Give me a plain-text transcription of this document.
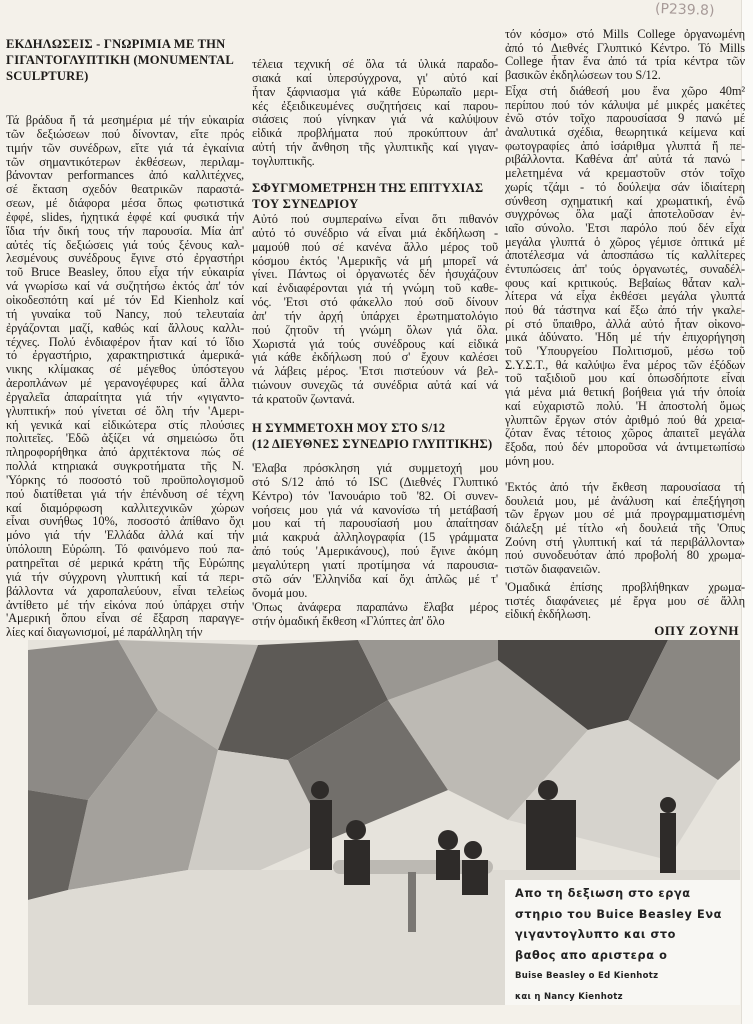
(P239.8)
ΕΚΔΗΛΩΣΕΙΣ - ΓΝΩΡΙΜΙΑ ΜΕ ΤΗΝ
ΓΙΓΑΝΤΟΓΛΥΠΤΙΚΗ (MONUMENTAL
SCULPTURE)
Τά βράδυα ἤ τά μεσημέρια μέ τήν εὐκαιρία
τῶν δεξιώσεων πού δίνονταν, εἴτε πρός
τιμήν τῶν συνέδρων, εἴτε γιά τά ἐγκαίνια
τῶν σημαντικότερων ἐκθέσεων, περιλαμ-
βάνονταν performances ἀπό καλλιτέχνες,
σέ ἔκταση σχεδόν θεατρικῶν παραστά-
σεων, μέ διάφορα μέσα ὅπως φωτιστικά
ἐφφέ, slides, ἠχητικά ἐφφέ καί φυσικά τήν
ἴδια τήν δική τους τήν παρουσία. Μία ἀπ'
αὐτές τίς δεξιώσεις γιά τούς ξένους καλ-
λεσμένους συνέδρους ἔγινε στό ἐργαστήρι
τοῦ Bruce Beasley, ὅπου εἶχα τήν εὐκαιρία
νά γνωρίσω καί νά συζητήσω ἐκτός ἀπ' τόν
οἰκοδεσπότη καί μέ τόν Ed Kienholz καί
τή γυναίκα τοῦ Nancy, πού τελευταία
ἐργάζονται μαζί, καθώς καί ἄλλους καλλι-
τέχνες. Πολύ ἐνδιαφέρον ἦταν καί τό ἴδιο
τό ἐργαστήριο, χαρακτηριστικά ἀμερικά-
νικης κλίμακας σέ μέγεθος ὑπόστεγου
ἀεροπλάνων μέ γερανογέφυρες καί ἄλλα
ἐργαλεῖα ἀπαραίτητα γιά τήν «γιγαντο-
γλυπτική» πού γίνεται σέ ὅλη τήν 'Αμερι-
κή γενικά καί εἰδικώτερα στίς πλούσιες
πολιτεῖες. 'Εδῶ ἀξίζει νά σημειώσω ὅτι
πληροφορήθηκα ἀπό ἀρχιτέκτονα πώς σέ
πολλά κτηριακά συγκροτήματα τῆς Ν.
'Υόρκης τό ποσοστό τοῦ προϋπολογισμοῦ
πού διατίθεται γιά τήν ἐπένδυση σέ τέχνη
καί διαμόρφωση καλλιτεχνικῶν χώρων
εἶναι συνήθως 10%, ποσοστό ἀπίθανο ὄχι
μόνο γιά τήν 'Ελλάδα ἀλλά καί τήν
ὑπόλοιπη Εὐρώπη. Τό φαινόμενο πού πα-
ρατηρεῖται σέ μερικά κράτη τῆς Εὐρώπης
γιά τήν σύγχρονη γλυπτική καί τά περι-
βάλλοντα νά χαροπαλεύουν, εἶναι τελείως
ἀντίθετο μέ τήν εἰκόνα πού ὑπάρχει στήν
'Αμερική ὅπου εἶναι σέ ἔξαρση παραγγε-
λίες καί διαγωνισμοί, μέ παράλληλη τήν
τέλεια τεχνική σέ ὅλα τά ὑλικά παραδο-
σιακά καί ὑπερσύγχρονα, γι' αὐτό καί
ἦταν ξάφνιασμα γιά κάθε Εὐρωπαῖο μερι-
κές ἐξειδικευμένες συζητήσεις καί παρου-
σιάσεις πού γίνηκαν γιά νά καλύψουν
εἰδικά προβλήματα πού προκύπτουν ἀπ'
αὐτή τήν ἄνθηση τῆς γλυπτικῆς καί γιγαν-
τογλυπτικῆς.
ΣΦΥΓΜΟΜΕΤΡΗΣΗ ΤΗΣ ΕΠΙΤΥΧΙΑΣ
ΤΟΥ ΣΥΝΕΔΡΙΟΥ
Αὐτό πού συμπεραίνω εἶναι ὅτι πιθανόν
αὐτό τό συνέδριο νά εἶναι μιά ἐκδήλωση -
μαμούθ πού σέ κανένα ἄλλο μέρος τοῦ
κόσμου ἐκτός 'Αμερικῆς νά μή μπορεῖ νά
γίνει. Πάντως οἱ ὀργανωτές δέν ἡσυχάζουν
καί ἐνδιαφέρονται γιά τή γνώμη τοῦ καθε-
νός. 'Ετσι στό φάκελλο πού σοῦ δίνουν
ἀπ' τήν ἀρχή ὑπάρχει ἐρωτηματολόγιο
πού ζητοῦν τή γνώμη ὅλων γιά ὅλα.
Χωριστά γιά τούς συνέδρους καί εἰδικά
γιά κάθε ἐκδήλωση πού σ' ἔχουν καλέσει
νά λάβεις μέρος. 'Ετσι πιστεύουν νά βελ-
τιώνουν συνεχῶς τά συνέδρια αὐτά καί νά
τά κρατοῦν ζωντανά.
Η ΣΥΜΜΕΤΟΧΗ ΜΟΥ ΣΤΟ S/12
(12 ΔΙΕΥΘΝΕΣ ΣΥΝΕΔΡΙΟ ΓΛΥΠΤΙΚΗΣ)
'Ελαβα πρόσκληση γιά συμμετοχή μου
στό S/12 ἀπό τό ISC (Διεθνές Γλυπτικό
Κέντρο) τόν 'Ιανουάριο τοῦ '82. Οἱ συνεν-
νοήσεις μου γιά νά κανονίσω τή μετάβασή
μου καί τή παρουσίασή μου ἀπαίτησαν
μιά κακρυά ἀλληλογραφία (15 γράμματα
ἀπό τούς 'Αμερικάνους), πού ἔγινε ἀκόμη
μεγαλύτερη γιατί προτίμησα νά παρουσια-
στῶ σάν 'Ελληνίδα καί ὄχι ἁπλῶς μέ τ'
ὄνομά μου.
'Οπως ἀνάφερα παραπάνω ἔλαβα μέρος
στήν ὁμαδική ἔκθεση «Γλύπτες ἀπ' ὅλο
τόν κόσμο» στό Mills College ὀργανωμένη
ἀπό τό Διεθνές Γλυπτικό Κέντρο. Τό Mills
College ἦταν ἕνα ἀπό τά τρία κέντρα τῶν
βασικῶν ἐκδηλώσεων του S/12.
Εἶχα στή διάθεσή μου ἕνα χῶρο 40m²
περίπου πού τόν κάλυψα μέ μικρές μακέτες
ἐνῶ στόν τοῖχο παρουσίασα 9 πανώ μέ
ἀναλυτικά σχέδια, θεωρητικά κείμενα καί
φωτογραφίες ἀπό ἰσάριθμα γλυπτά ἤ πε-
ριβάλλοντα. Καθένα ἀπ' αὐτά τά πανώ -
μελετημένα νά κρεμαστοῦν στόν τοῖχο
χωρίς τζάμι - τό δούλεψα σάν ἰδιαίτερη
σύνθεση σχηματική καί χρωματική, ἐνῶ
συγχρόνως ὅλα μαζί ἀποτελοῦσαν ἑν-
ιαῖο σύνολο. 'Ετσι παρόλο πού δέν εἶχα
μεγάλα γλυπτά ὁ χῶρος γέμισε ὀπτικά μέ
ἀποτέλεσμα νά ἀποσπάσω τίς καλλίτερες
ἐντυπώσεις ἀπ' τούς ὀργανωτές, συναδέλ-
φους καί κριτικούς. Βεβαίως θἆταν καλ-
λίτερα νά εἶχα ἐκθέσει μεγάλα γλυπτά
πού θά τάστηνα καί ἔξω ἀπό τήν γκαλε-
ρί στό ὕπαιθρο, ἀλλά αὐτό ἦταν οἰκονο-
μικά ἀδύνατο. 'Ηδη μέ τήν ἐπιχορήγηση
τοῦ 'Υπουργείου Πολιτισμοῦ, μέσω τοῦ
Σ.Υ.Σ.Τ., θά καλύψω ἕνα μέρος τῶν ἐξόδων
τοῦ ταξιδιοῦ μου καί ὁπωσδήποτε εἶναι
γιά μένα μιά θετική βοήθεια γιά τήν ὁποία
καί εὐχαριστῶ πολύ. 'Η ἀποστολή ὅμως
γλυπτῶν ἔργων στόν ἀριθμό πού θά χρεια-
ζόταν ἕνας τέτοιος χῶρος ἀπαιτεῖ μεγάλα
ἔξοδα, πού δέν μποροῦσα νά ἀντιμετωπίσω
μόνη μου.
'Εκτός ἀπό τήν ἔκθεση παρουσίασα τή
δουλειά μου, μέ ἀνάλυση καί ἐπεξήγηση
τῶν ἔργων μου σέ μιά προγραμματισμένη
διάλεξη μέ τίτλο «ἡ δουλειά τῆς 'Οπυς
Ζούνη στή γλυπτική καί τά περιβάλλοντα»
πού συνοδευόταν ἀπό προβολή 80 χρωμα-
τιστῶν διαφανειῶν.
'Ομαδικά ἐπίσης προβλήθηκαν χρωμα-
τιστές διαφάνειες μέ ἔργα μου σέ ἄλλη
εἰδική ἐκδήλωση.
ΟΠΥ ΖΟΥΝΗ
Απο τη δεξιωση στο εργα
στηριο του Buice Beasley Ενα
γιγαντογλυπτο και στο
βαθος απο αριστερα ο
Buise Beasley ο Ed Kienhotz
και η Nancy Kienhotz
